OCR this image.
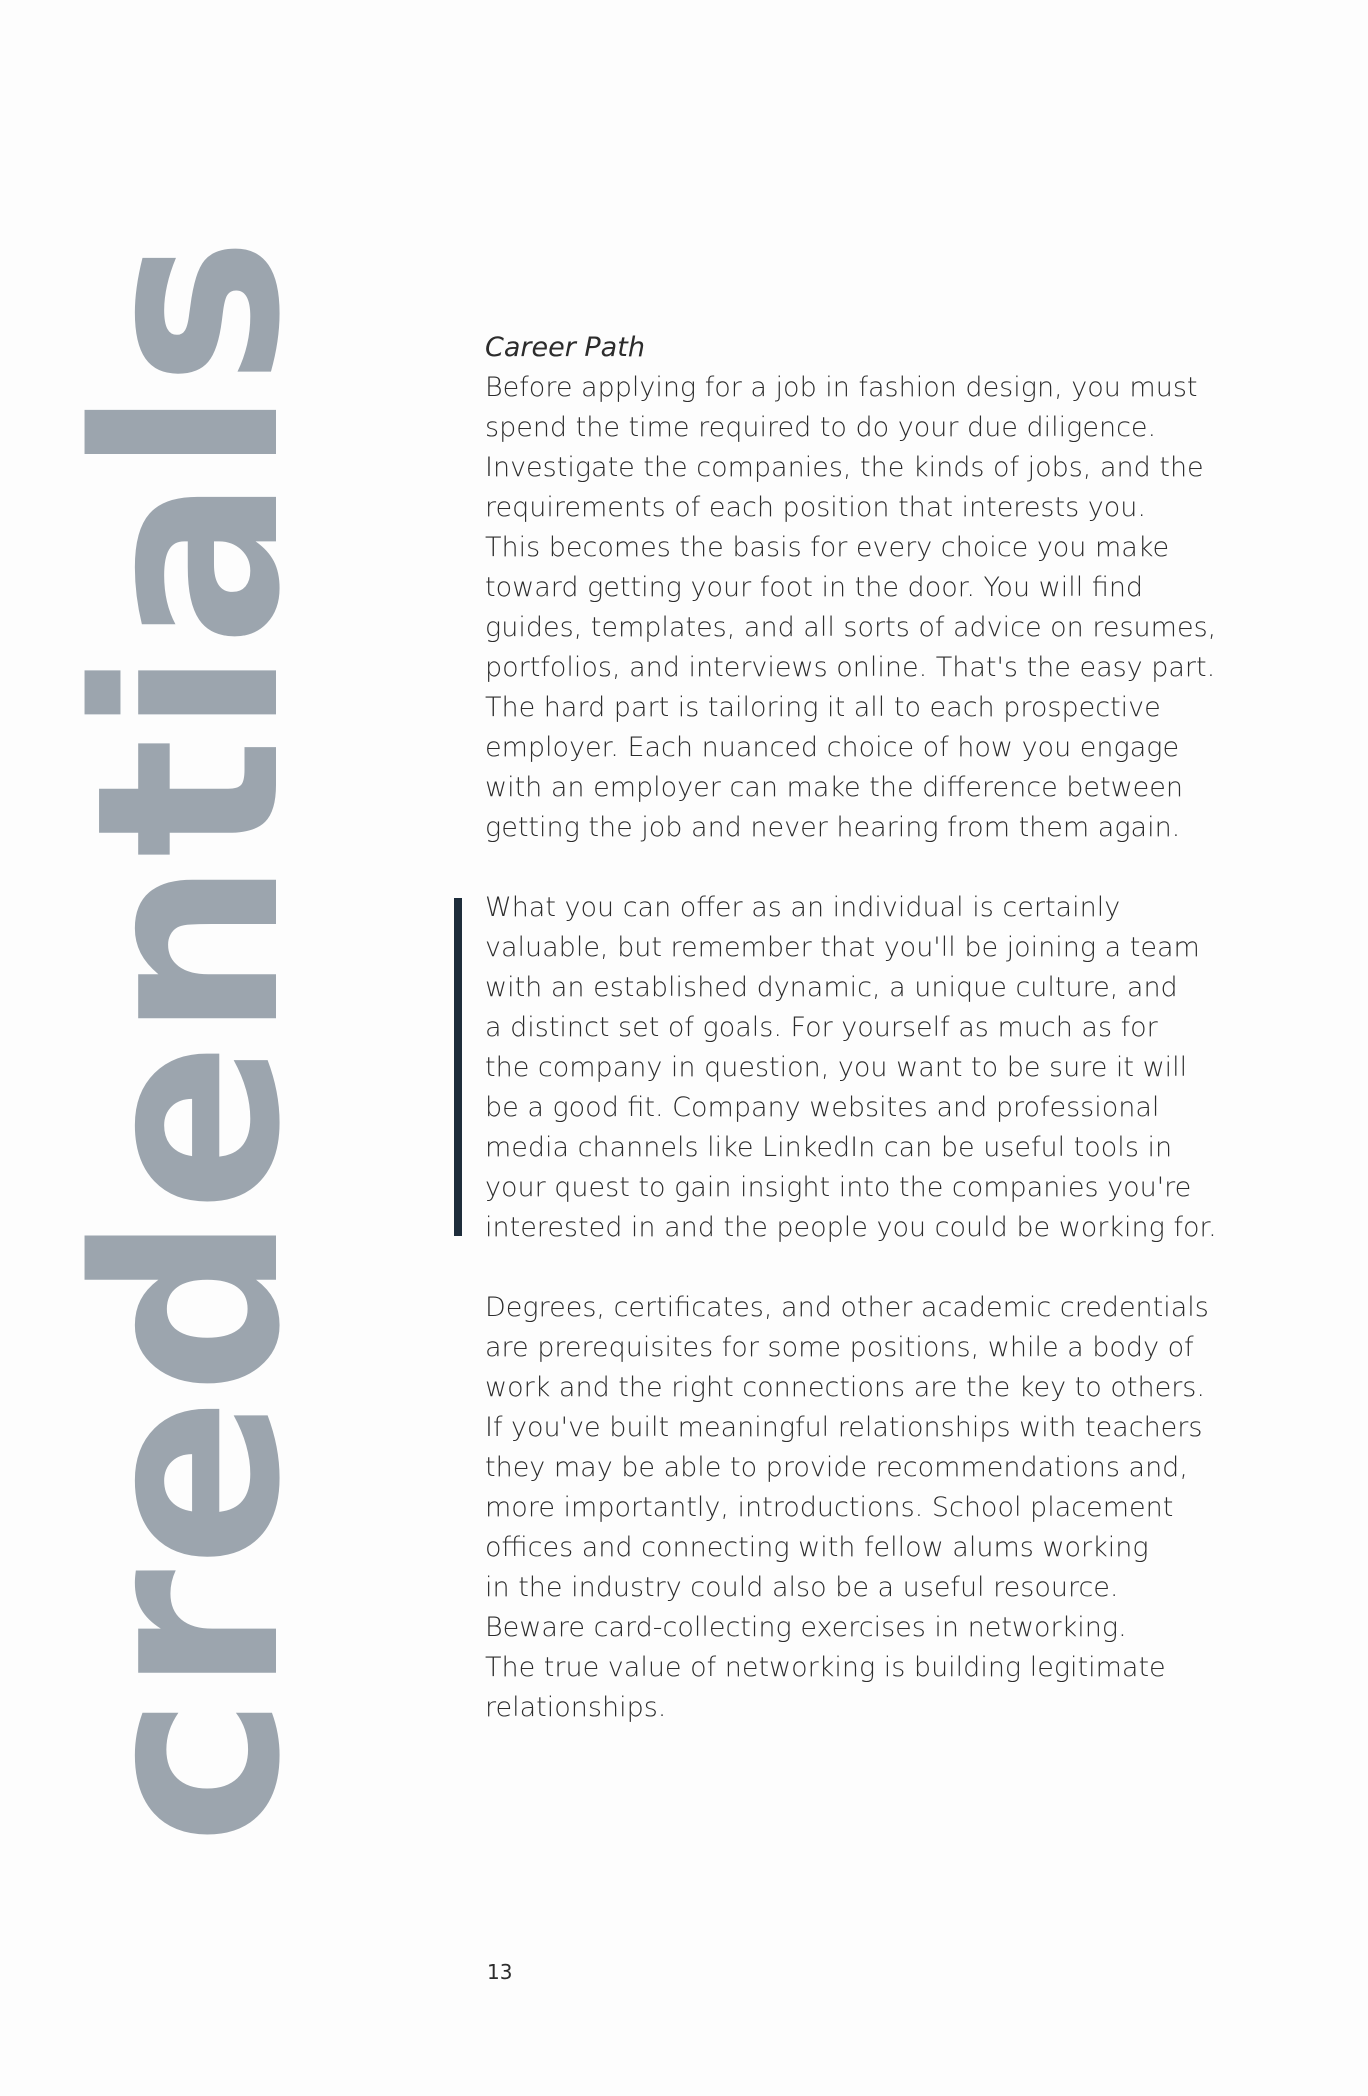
credentials	Career Path

Before applying for a job in fashion design, you must
spend the time required to do your due diligence.
Investigate the companies, the kinds of jobs, and the
requirements of each position that interests you.
This becomes the basis for every choice you make
toward getting your foot in the door. You will find
guides, templates, and all sorts of advice on resumes,
portfolios, and interviews online. That's the easy part.
The hard part is tailoring it all to each prospective
employer. Each nuanced choice of how you engage
with an employer can make the difference between
getting the job and never hearing from them again.

What you can offer as an individual is certainly
valuable, but remember that you'll be joining a team
with an established dynamic, a unique culture, and
a distinct set of goals. For yourself as much as for
the company in question, you want to be sure it will
be a good fit. Company websites and professional
media channels like LinkedIn can be useful tools in
your quest to gain insight into the companies you're
interested in and the people you could be working for.

Degrees, certificates, and other academic credentials
are prerequisites for some positions, while a body of
work and the right connections are the key to others.
If you've built meaningful relationships with teachers
they may be able to provide recommendations and,
more importantly, introductions. School placement
offices and connecting with fellow alums working
in the industry could also be a useful resource.
Beware card-collecting exercises in networking.
The true value of networking is building legitimate
relationships.

13
